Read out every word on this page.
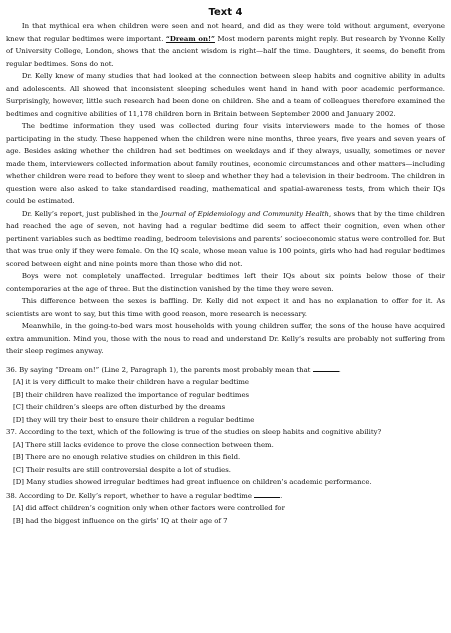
Text 4

In that mythical era when children were seen and not heard, and did as they were told without argument, everyone knew that regular bedtimes were important. “Dream on!” Most modern parents might reply. But research by Yvonne Kelly of University College, London, shows that the ancient wisdom is right—half the time. Daughters, it seems, do benefit from regular bedtimes. Sons do not.

Dr. Kelly knew of many studies that had looked at the connection between sleep habits and cognitive ability in adults and adolescents. All showed that inconsistent sleeping schedules went hand in hand with poor academic performance. Surprisingly, however, little such research had been done on children. She and a team of colleagues therefore examined the bedtimes and cognitive abilities of 11,178 children born in Britain between September 2000 and January 2002.

The bedtime information they used was collected during four visits interviewers made to the homes of those participating in the study. These happened when the children were nine months, three years, five years and seven years of age. Besides asking whether the children had set bedtimes on weekdays and if they always, usually, sometimes or never made them, interviewers collected information about family routines, economic circumstances and other matters—including whether children were read to before they went to sleep and whether they had a television in their bedroom. The children in question were also asked to take standardised reading, mathematical and spatial-awareness tests, from which their IQs could be estimated.

Dr. Kelly’s report, just published in the Journal of Epidemiology and Community Health, shows that by the time children had reached the age of seven, not having had a regular bedtime did seem to affect their cognition, even when other pertinent variables such as bedtime reading, bedroom televisions and parents’ socioeconomic status were controlled for. But that was true only if they were female. On the IQ scale, whose mean value is 100 points, girls who had had regular bedtimes scored between eight and nine points more than those who did not.

Boys were not completely unaffected. Irregular bedtimes left their IQs about six points below those of their contemporaries at the age of three. But the distinction vanished by the time they were seven.

This difference between the sexes is baffling. Dr. Kelly did not expect it and has no explanation to offer for it. As scientists are wont to say, but this time with good reason, more research is necessary.

Meanwhile, in the going-to-bed wars most households with young children suffer, the sons of the house have acquired extra ammunition. Mind you, those with the nous to read and understand Dr. Kelly’s results are probably not suffering from their sleep regimes anyway.

36. By saying “Dream on!” (Line 2, Paragraph 1), the parents most probably mean that	.

[A] it is very difficult to make their children have a regular bedtime

[B] their children have realized the importance of regular bedtimes

[C] their children’s sleeps are often disturbed by the dreams

[D] they will try their best to ensure their children a regular bedtime

37. According to the text, which of the following is true of the studies on sleep habits and cognitive ability?

[A] There still lacks evidence to prove the close connection between them.

[B] There are no enough relative studies on children in this field.

[C] Their results are still controversial despite a lot of studies.

[D] Many studies showed irregular bedtimes had great influence on children’s academic performance.

38. According to Dr. Kelly’s report, whether to have a regular bedtime	.

[A] did affect children’s cognition only when other factors were controlled for

[B] had the biggest influence on the girls’ IQ at their age of 7
